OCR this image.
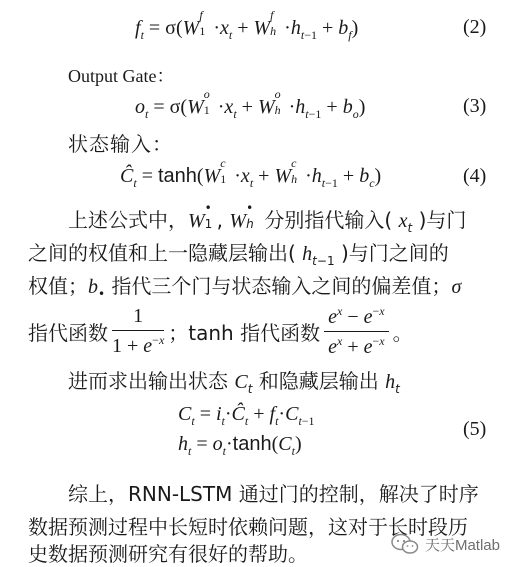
$f_t = \sigma(W$
f
$1 \cdot x_t + W$
f
$h \cdot h_{t-1} + b_f$)	(2)
Output Gate：
$o_t = \sigma(W$
o
$1 \cdot x_t + W$
o
$h \cdot h_{t-1} + b_o$)	(3)
状态输入：
$Ĉ_t = \tanh(W$
c
$1 \cdot x_t + W$
c
$h \cdot h_{t-1} + b_c$)	(4)
上述公式中，W
•
1 , W
•
h 分别指代输入( $x_t$ )与门
之间的权值和上一隐藏层输出( $h_{t-1}$ )与门之间的
权值；$b_•$ 指代三个门与状态输入之间的偏差值；σ
指代函数 $\frac{1}{1 + e^{-x}}$ ；tanh 指代函数 $\frac{e^x - e^{-x}}{e^x + e^{-x}}$ 。
进而求出输出状态 $C_t$ 和隐藏层输出 $h_t$
$C_t$ = $i_t\cdot Ĉ_t + f_t\cdot C_{t-1}$
$h_t = o_t\cdot\tanh(C_t)$
(5)
综上，RNN-LSTM 通过门的控制，解决了时序
数据预测过程中长短时依赖问题，这对于长时段历
史数据预测研究有很好的帮助。	天天Matlab
